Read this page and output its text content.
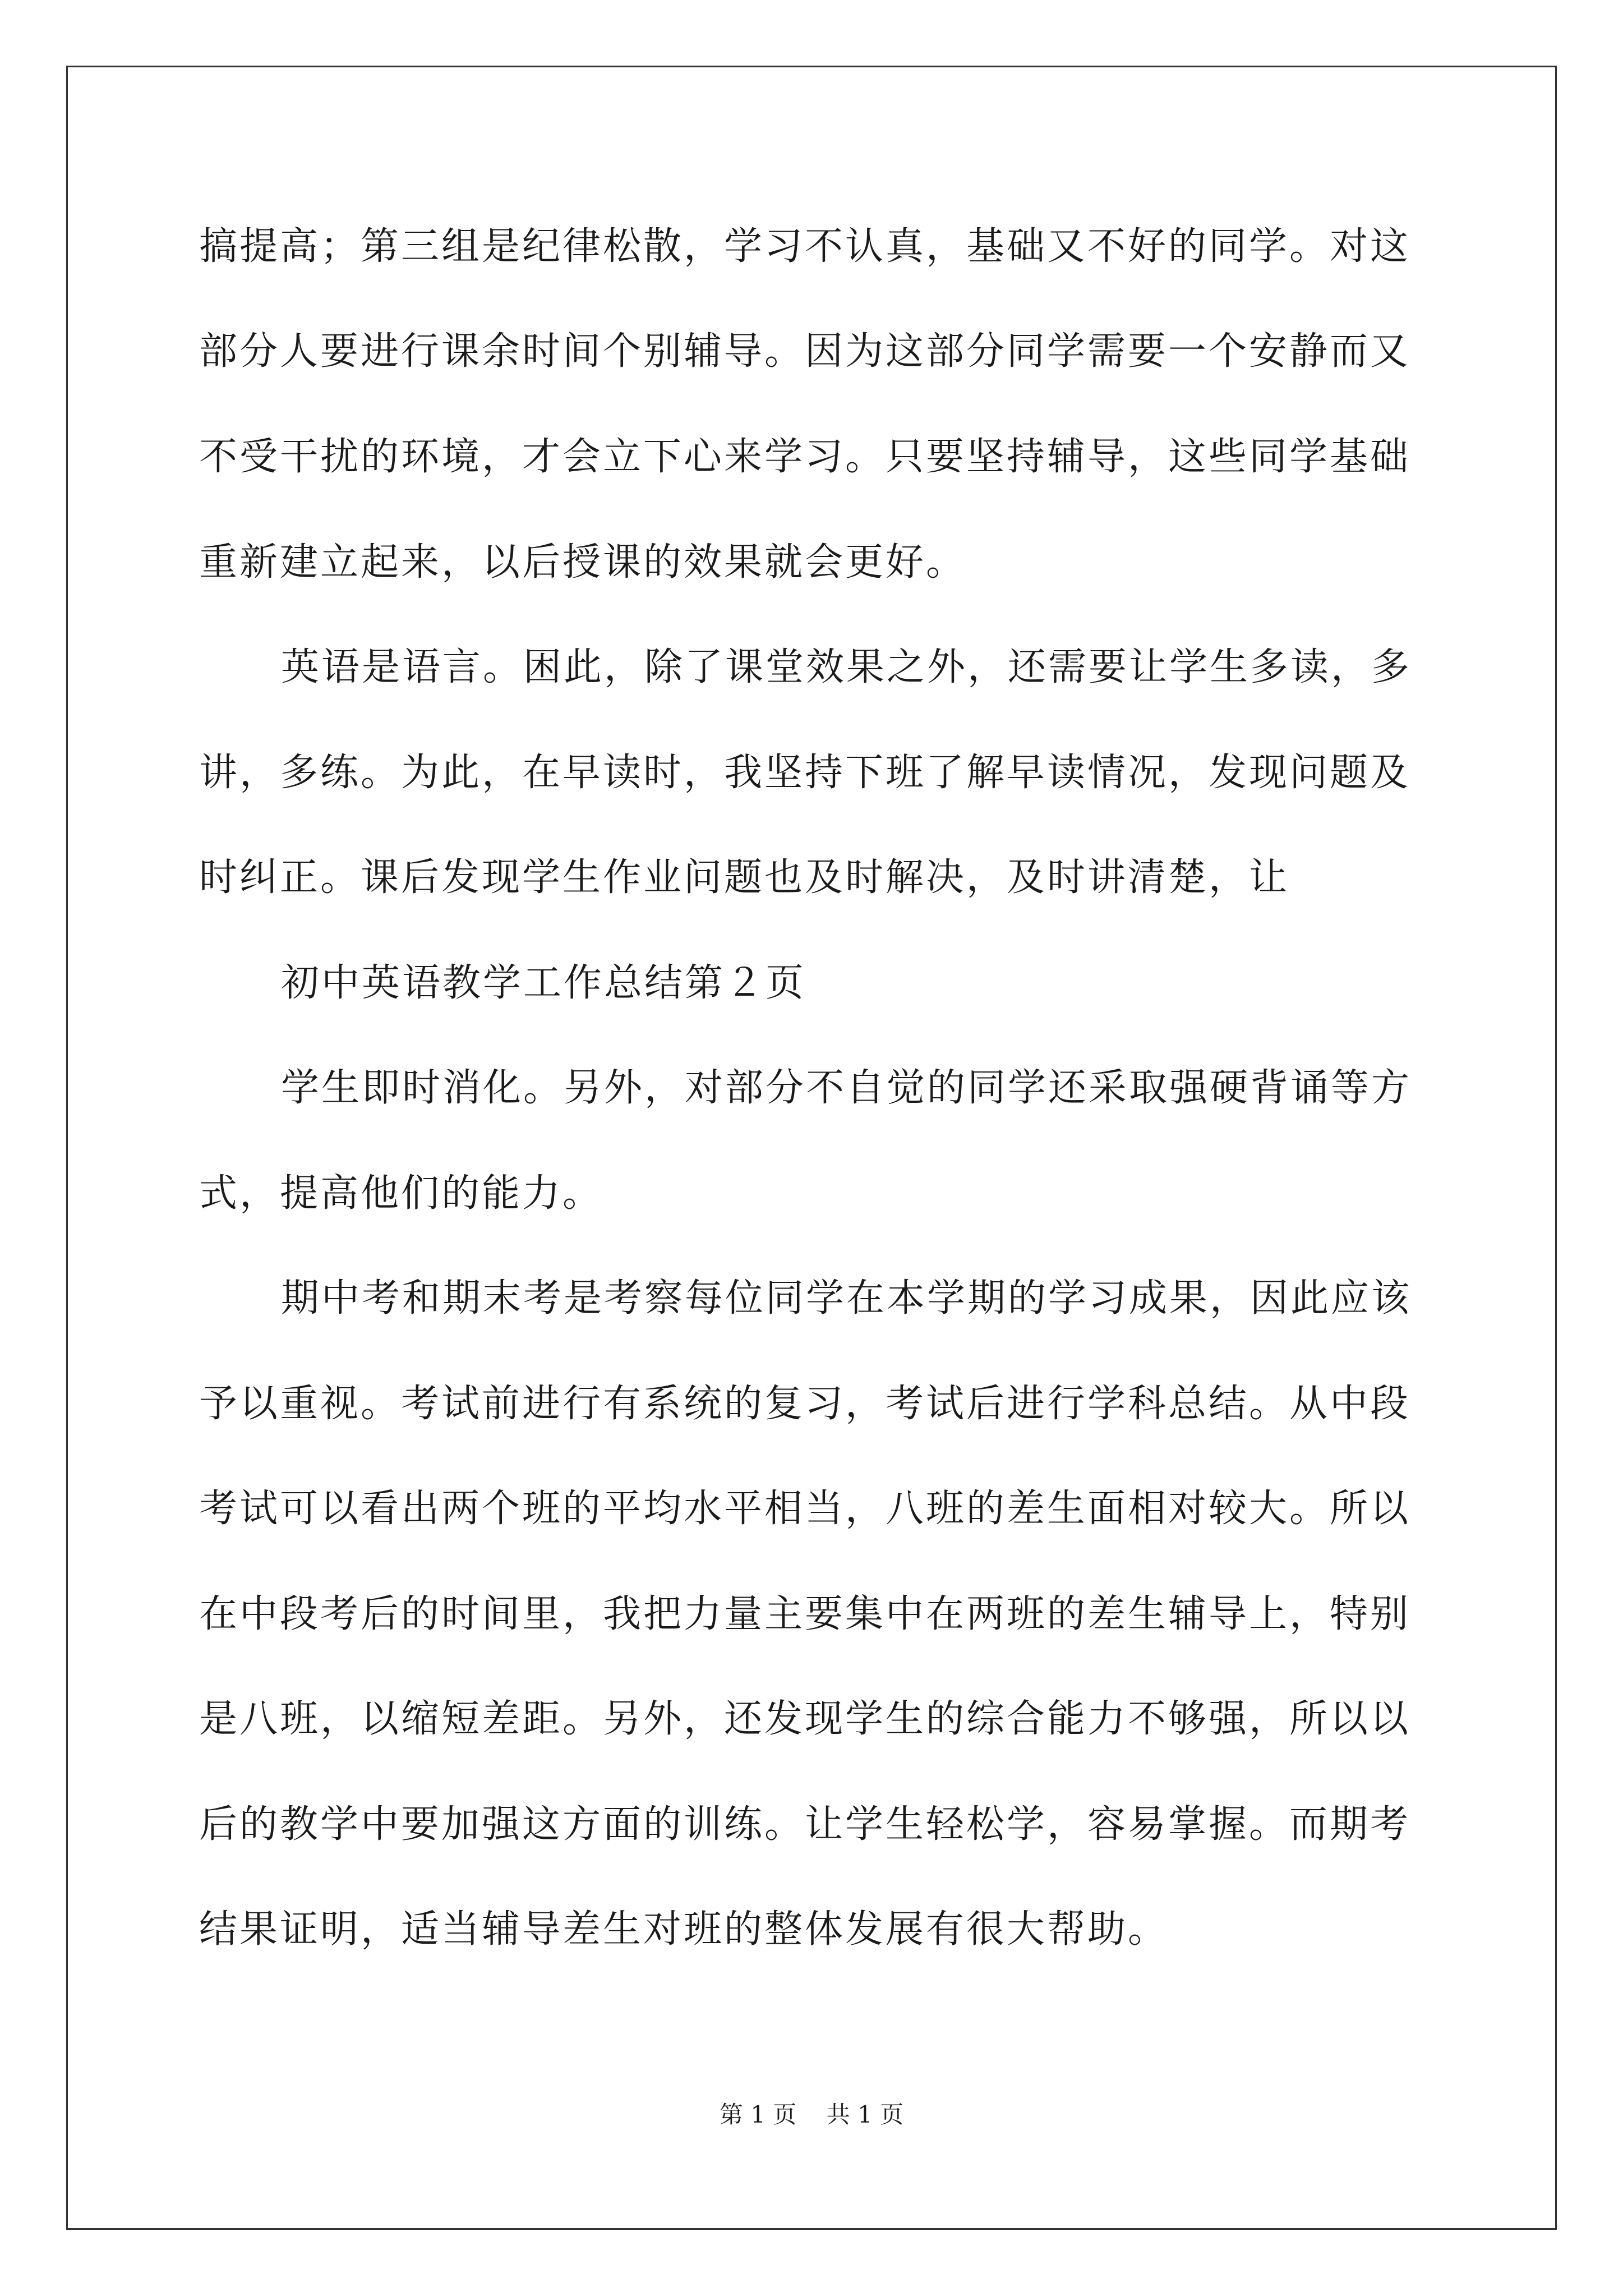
搞提高；第三组是纪律松散，学习不认真，基础又不好的同学。对这
部分人要进行课余时间个别辅导。因为这部分同学需要一个安静而又
不受干扰的环境，才会立下心来学习。只要坚持辅导，这些同学基础
重新建立起来，以后授课的效果就会更好。
英语是语言。困此，除了课堂效果之外，还需要让学生多读，多
讲，多练。为此，在早读时，我坚持下班了解早读情况，发现问题及
时纠正。课后发现学生作业问题也及时解决，及时讲清楚，让
初中英语教学工作总结第２页
学生即时消化。另外，对部分不自觉的同学还采取强硬背诵等方
式，提高他们的能力。
期中考和期末考是考察每位同学在本学期的学习成果，因此应该
予以重视。考试前进行有系统的复习，考试后进行学科总结。从中段
考试可以看出两个班的平均水平相当，八班的差生面相对较大。所以
在中段考后的时间里，我把力量主要集中在两班的差生辅导上，特别
是八班，以缩短差距。另外，还发现学生的综合能力不够强，所以以
后的教学中要加强这方面的训练。让学生轻松学，容易掌握。而期考
结果证明，适当辅导差生对班的整体发展有很大帮助。
第 1 页    共 1 页
